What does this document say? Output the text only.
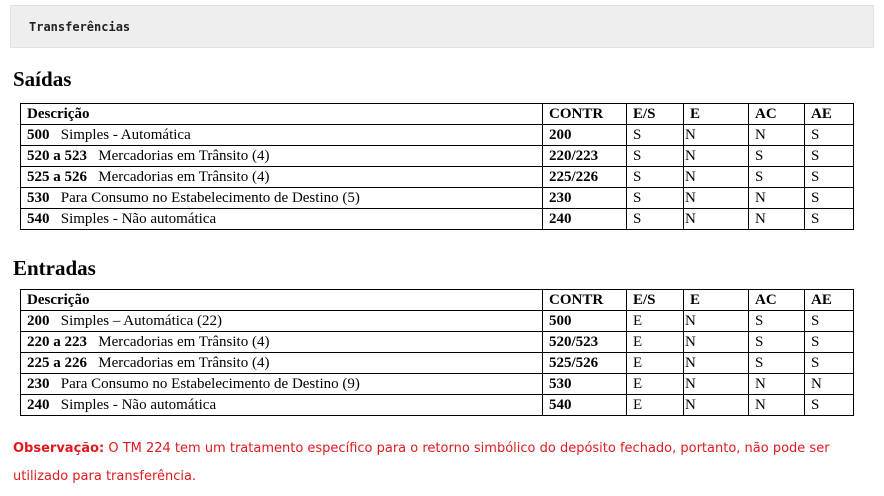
Transferências
Saídas
Descrição	CONTR	E/S	E	AC	AE
500 Simples - Automática	200	S	N	N	S
520 a 523 Mercadorias em Trânsito (4)	220/223	S	N	S	S
525 a 526 Mercadorias em Trânsito (4)	225/226	S	N	S	S
530 Para Consumo no Estabelecimento de Destino (5)	230	S	N	N	S
540 Simples - Não automática	240	S	N	N	S
Entradas
Descrição	CONTR	E/S	E	AC	AE
200 Simples – Automática (22)	500	E	N	S	S
220 a 223 Mercadorias em Trânsito (4)	520/523	E	N	S	S
225 a 226 Mercadorias em Trânsito (4)	525/526	E	N	S	S
230 Para Consumo no Estabelecimento de Destino (9)	530	E	N	N	N
240 Simples - Não automática	540	E	N	N	S
Observação: O TM 224 tem um tratamento específico para o retorno simbólico do depósito fechado, portanto, não pode ser utilizado para transferência.
